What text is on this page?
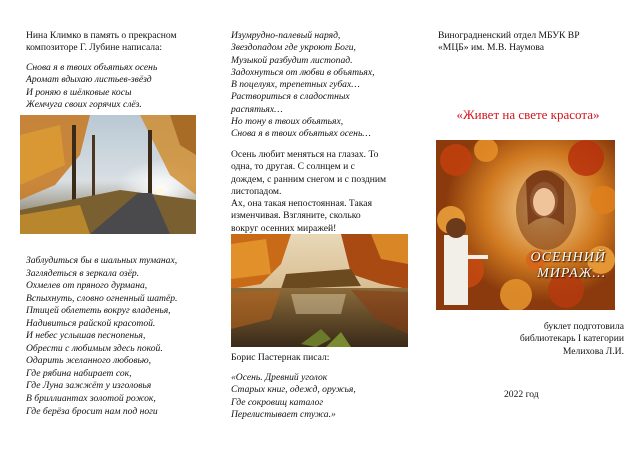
Нина Климко в память о прекрасном
композиторе Г. Лубине написала:
Снова я в твоих объятьях осень
Аромат вдыхаю листьев-звёзд
И роняю в шёлковые косы
Жемчуга своих горячих слёз.
Заблудиться бы в шальных туманах,
Заглядеться в зеркала озёр.
Охмелев от пряного дурмана,
Вспыхнуть, словно огненный шатёр.
Птицей облететь вокруг владенья,
Надивиться райской красотой.
И небес услышав песнопенья,
Обрести с любимым здесь покой.
Одарить желанного любовью,
Где рябина набирает сок,
Где Луна зажжёт у изголовья
В бриллиантах золотой рожок,
Где берёза бросит нам под ноги
Изумрудно-палевый наряд,
Звездопадом где укроют Боги,
Музыкой разбудит листопад.
Задохнуться от любви в объятьях,
В поцелуях, трепетных губах…
Раствориться в сладостных
распятьях…
Но тону в твоих объятьях,
Снова я в твоих объятьях осень…
Осень любит меняться на глазах. То
одна, то другая. С солнцем и с
дождем, с ранним снегом и с поздним
листопадом.
Ах, она такая непостоянная. Такая
изменчивая. Взгляните, сколько
вокруг осенних миражей!
Борис Пастернак писал:
«Осень. Древний уголок
Старых книг, одежд, оружья,
Где сокровищ каталог
Перелистывает стужа.»
Виноградненский отдел МБУК ВР
«МЦБ» им. М.В. Наумова
«Живет на свете красота»
ОСЕННИЙ
МИРАЖ…
буклет подготовила
библиотекарь I категории
Мелихова Л.И.
2022 год
